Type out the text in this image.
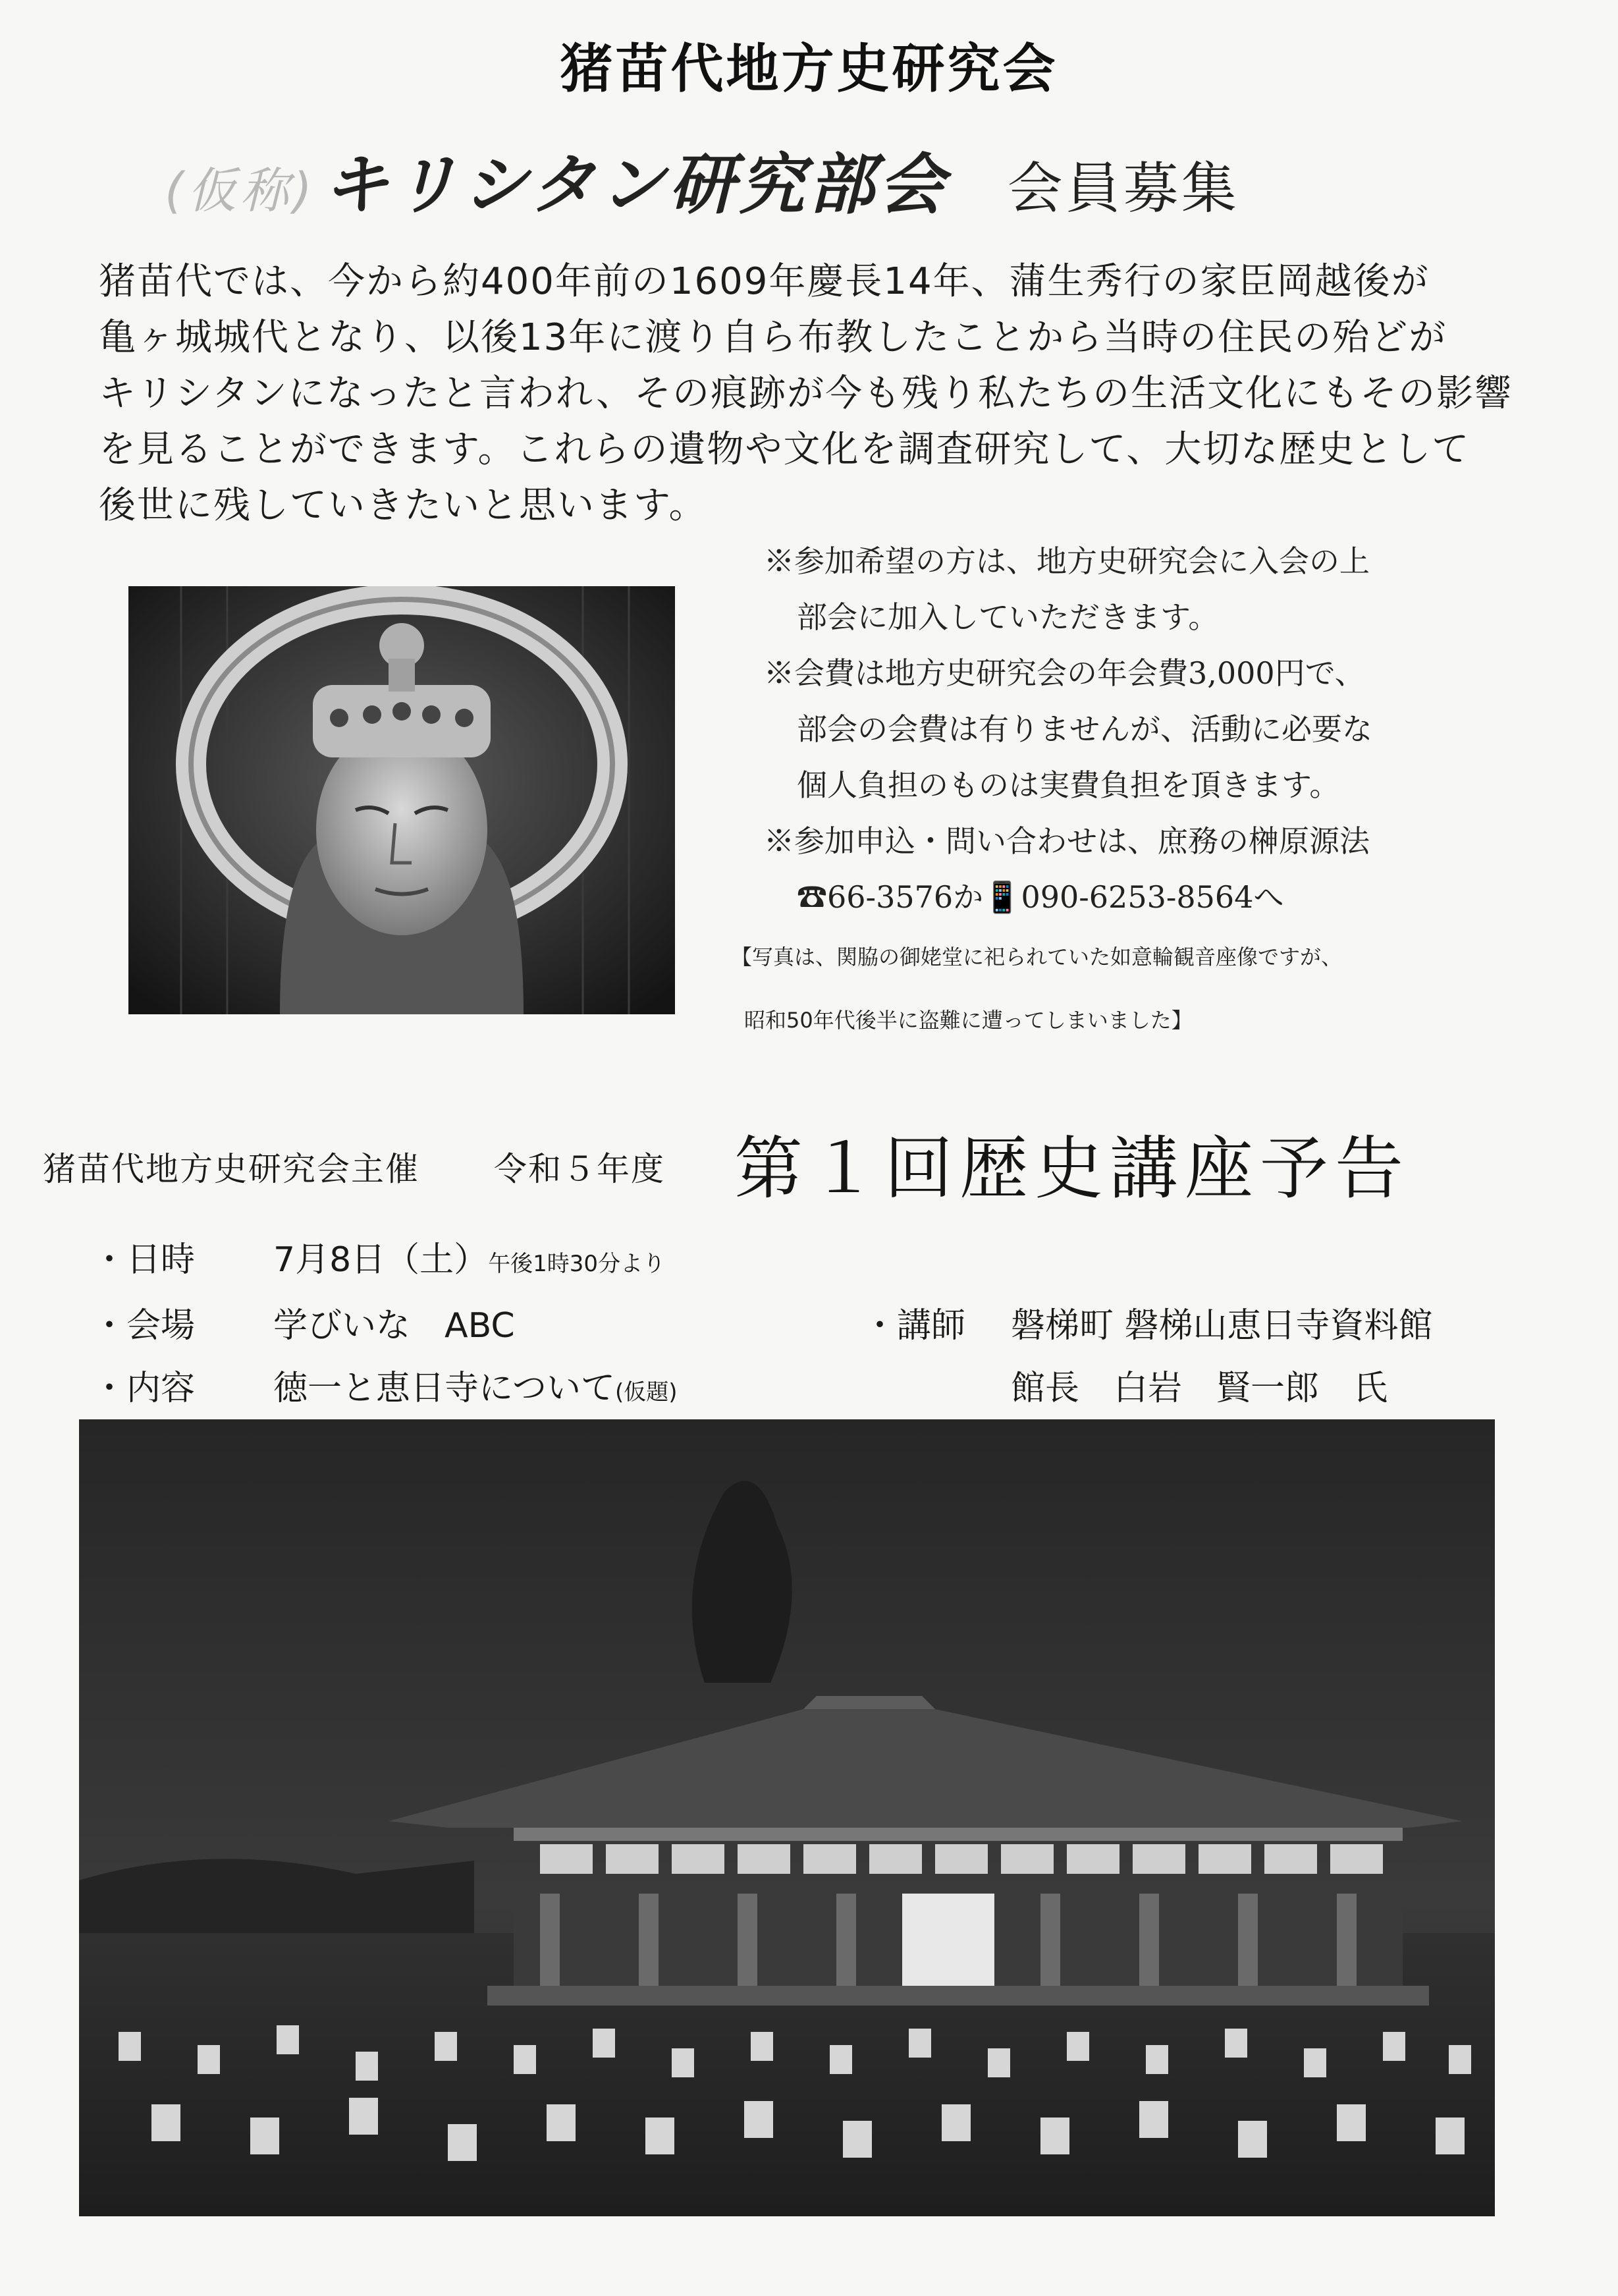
猪苗代地方史研究会
(仮称) キリシタン研究部会 会員募集
猪苗代では、今から約400年前の1609年慶長14年、蒲生秀行の家臣岡越後が
亀ヶ城城代となり、以後13年に渡り自ら布教したことから当時の住民の殆どが
キリシタンになったと言われ、その痕跡が今も残り私たちの生活文化にもその影響
を見ることができます。これらの遺物や文化を調査研究して、大切な歴史として
後世に残していきたいと思います。
※参加希望の方は、地方史研究会に入会の上
部会に加入していただきます。
※会費は地方史研究会の年会費3,000円で、
部会の会費は有りませんが、活動に必要な
個人負担のものは実費負担を頂きます。
※参加申込・問い合わせは、庶務の榊原源法
☎66-3576か📱090-6253-8564へ
【写真は、関脇の御姥堂に祀られていた如意輪観音座像ですが、
昭和50年代後半に盗難に遭ってしまいました】
猪苗代地方史研究会主催 令和５年度 第１回歴史講座予告
・日時 7月8日（土）午後1時30分より
・会場 学びいな　ABC	・講師 磐梯町 磐梯山恵日寺資料館
・内容 徳一と恵日寺について(仮題)	館長　白岩　賢一郎　氏
